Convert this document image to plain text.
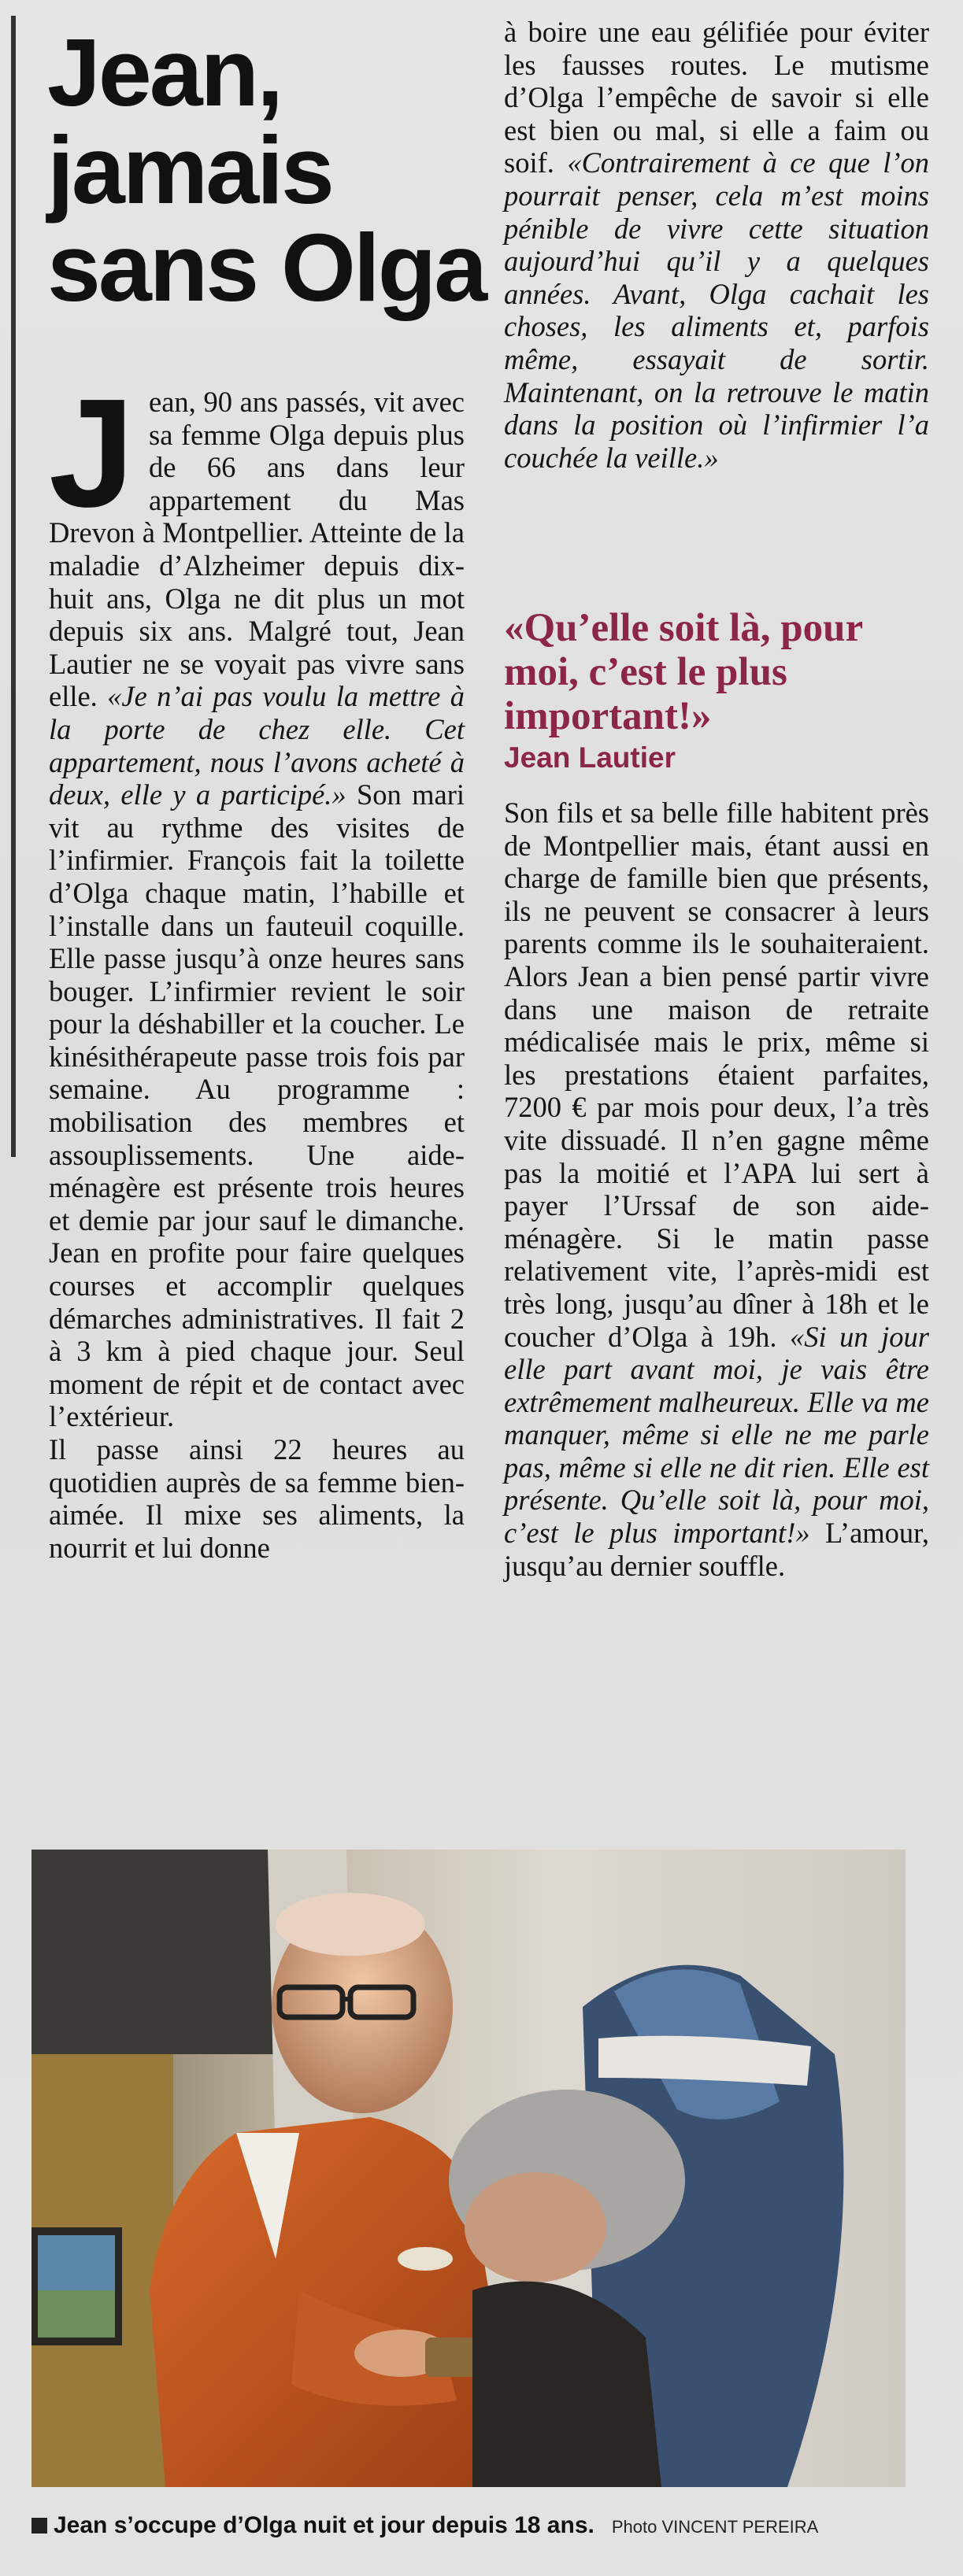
Jean,
jamais
sans Olga

Jean, 90 ans passés, vit avec sa femme Olga depuis plus de 66 ans dans leur appartement du Mas Drevon à Montpellier. Atteinte de la maladie d’Alzheimer depuis dix-huit ans, Olga ne dit plus un mot depuis six ans. Malgré tout, Jean Lautier ne se voyait pas vivre sans elle. «Je n’ai pas voulu la mettre à la porte de chez elle. Cet appartement, nous l’avons acheté à deux, elle y a participé.» Son mari vit au rythme des visites de l’infirmier. François fait la toilette d’Olga chaque matin, l’habille et l’installe dans un fauteuil coquille. Elle passe jusqu’à onze heures sans bouger. L’infirmier revient le soir pour la déshabiller et la coucher. Le kinésithérapeute passe trois fois par semaine. Au programme : mobilisation des membres et assouplissements. Une aide-ménagère est présente trois heures et demie par jour sauf le dimanche. Jean en profite pour faire quelques courses et accomplir quelques démarches administratives. Il fait 2 à 3 km à pied chaque jour. Seul moment de répit et de contact avec l’extérieur.

Il passe ainsi 22 heures au quotidien auprès de sa femme bien-aimée. Il mixe ses aliments, la nourrit et lui donne

à boire une eau gélifiée pour éviter les fausses routes. Le mutisme d’Olga l’empêche de savoir si elle est bien ou mal, si elle a faim ou soif. «Contrairement à ce que l’on pourrait penser, cela m’est moins pénible de vivre cette situation aujourd’hui qu’il y a quelques années. Avant, Olga cachait les choses, les aliments et, parfois même, essayait de sortir. Maintenant, on la retrouve le matin dans la position où l’infirmier l’a couchée la veille.»

«Qu’elle soit là, pour moi, c’est le plus important!»
Jean Lautier

Son fils et sa belle fille habitent près de Montpellier mais, étant aussi en charge de famille bien que présents, ils ne peuvent se consacrer à leurs parents comme ils le souhaiteraient. Alors Jean a bien pensé partir vivre dans une maison de retraite médicalisée mais le prix, même si les prestations étaient parfaites, 7200 € par mois pour deux, l’a très vite dissuadé. Il n’en gagne même pas la moitié et l’APA lui sert à payer l’Urssaf de son aide-ménagère. Si le matin passe relativement vite, l’après-midi est très long, jusqu’au dîner à 18h et le coucher d’Olga à 19h. «Si un jour elle part avant moi, je vais être extrêmement malheureux. Elle va me manquer, même si elle ne me parle pas, même si elle ne dit rien. Elle est présente. Qu’elle soit là, pour moi, c’est le plus important!» L’amour, jusqu’au dernier souffle.

Jean s’occupe d’Olga nuit et jour depuis 18 ans. Photo VINCENT PEREIRA
